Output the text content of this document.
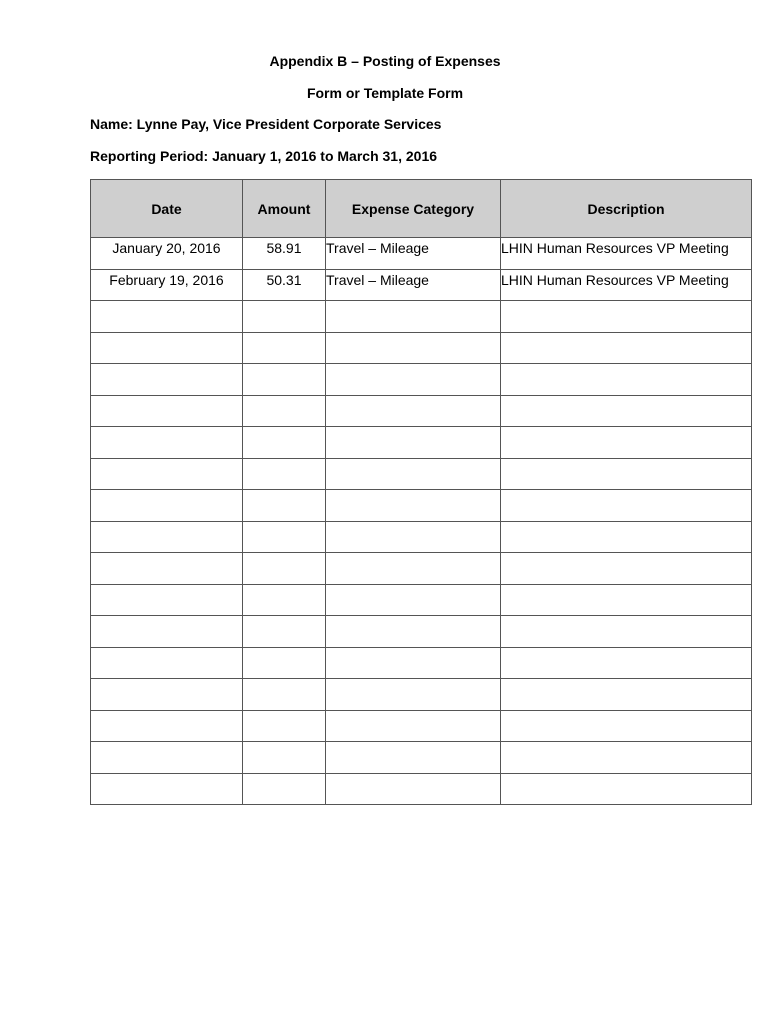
Appendix B – Posting of Expenses
Form or Template Form
Name: Lynne Pay, Vice President Corporate Services
Reporting Period: January 1, 2016 to March 31, 2016
Date	Amount	Expense Category	Description
January 20, 2016	58.91	Travel – Mileage	LHIN Human Resources VP Meeting
February 19, 2016	50.31	Travel – Mileage	LHIN Human Resources VP Meeting
